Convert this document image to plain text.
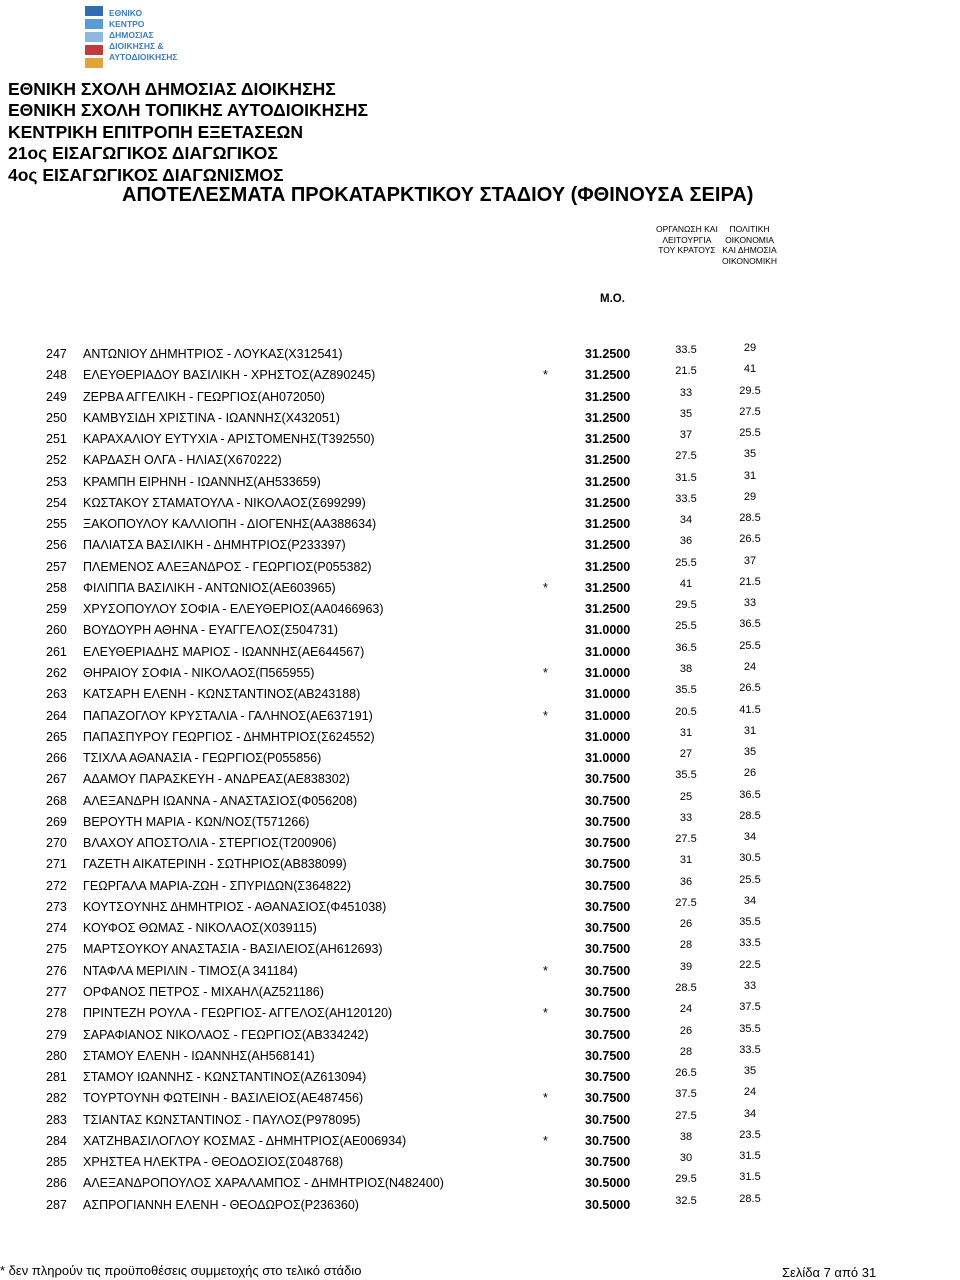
ΕΘΝΙΚΟ
ΚΕΝΤΡΟ
ΔΗΜΟΣΙΑΣ
ΔΙΟΙΚΗΣΗΣ &
ΑΥΤΟΔΙΟΙΚΗΣΗΣ
ΕΘΝΙΚΗ ΣΧΟΛΗ ΔΗΜΟΣΙΑΣ ΔΙΟΙΚΗΣΗΣ
ΕΘΝΙΚΗ ΣΧΟΛΗ ΤΟΠΙΚΗΣ ΑΥΤΟΔΙΟΙΚΗΣΗΣ
ΚΕΝΤΡΙΚΗ ΕΠΙΤΡΟΠΗ ΕΞΕΤΑΣΕΩΝ
21ος ΕΙΣΑΓΩΓΙΚΟΣ ΔΙΑΓΩΓΙΚΟΣ
4ος ΕΙΣΑΓΩΓΙΚΟΣ ΔΙΑΓΩΝΙΣΜΟΣ
ΑΠΟΤΕΛΕΣΜΑΤΑ ΠΡΟΚΑΤΑΡΚΤΙΚΟΥ ΣΤΑΔΙΟΥ (ΦΘΙΝΟΥΣΑ ΣΕΙΡΑ)
ΟΡΓΑΝΩΣΗ ΚΑΙ
ΛΕΙΤΟΥΡΓΙΑ
ΤΟΥ ΚΡΑΤΟΥΣ
ΠΟΛΙΤΙΚΗ
ΟΙΚΟΝΟΜΙΑ
ΚΑΙ ΔΗΜΟΣΙΑ
ΟΙΚΟΝΟΜΙΚΗ
Μ.Ο.
247 ΑΝΤΩΝΙΟΥ ΔΗΜΗΤΡΙΟΣ - ΛΟΥΚΑΣ(Χ312541)	31.2500	33.5	29
248 ΕΛΕΥΘΕΡΙΑΔΟΥ ΒΑΣΙΛΙΚΗ - ΧΡΗΣΤΟΣ(ΑΖ890245)	*	31.2500	21.5	41
249 ΖΕΡΒΑ ΑΓΓΕΛΙΚΗ - ΓΕΩΡΓΙΟΣ(ΑΗ072050)	31.2500	33	29.5
250 ΚΑΜΒΥΣΙΔΗ ΧΡΙΣΤΙΝΑ - ΙΩΑΝΝΗΣ(Χ432051)	31.2500	35	27.5
251 ΚΑΡΑΧΑΛΙΟΥ ΕΥΤΥΧΙΑ - ΑΡΙΣΤΟΜΕΝΗΣ(Τ392550)	31.2500	37	25.5
252 ΚΑΡΔΑΣΗ ΟΛΓΑ - ΗΛΙΑΣ(Χ670222)	31.2500	27.5	35
253 ΚΡΑΜΠΗ ΕΙΡΗΝΗ - ΙΩΑΝΝΗΣ(ΑΗ533659)	31.2500	31.5	31
254 ΚΩΣΤΑΚΟΥ ΣΤΑΜΑΤΟΥΛΑ - ΝΙΚΟΛΑΟΣ(Σ699299)	31.2500	33.5	29
255 ΞΑΚΟΠΟΥΛΟΥ ΚΑΛΛΙΟΠΗ - ΔΙΟΓΕΝΗΣ(ΑΑ388634)	31.2500	34	28.5
256 ΠΑΛΙΑΤΣΑ ΒΑΣΙΛΙΚΗ - ΔΗΜΗΤΡΙΟΣ(Ρ233397)	31.2500	36	26.5
257 ΠΛΕΜΕΝΟΣ ΑΛΕΞΑΝΔΡΟΣ - ΓΕΩΡΓΙΟΣ(Ρ055382)	31.2500	25.5	37
258 ΦΙΛΙΠΠΑ ΒΑΣΙΛΙΚΗ - ΑΝΤΩΝΙΟΣ(ΑΕ603965)	*	31.2500	41	21.5
259 ΧΡΥΣΟΠΟΥΛΟΥ ΣΟΦΙΑ - ΕΛΕΥΘΕΡΙΟΣ(ΑΑ0466963)	31.2500	29.5	33
260 ΒΟΥΔΟΥΡΗ ΑΘΗΝΑ - ΕΥΑΓΓΕΛΟΣ(Σ504731)	31.0000	25.5	36.5
261 ΕΛΕΥΘΕΡΙΑΔΗΣ ΜΑΡΙΟΣ - ΙΩΑΝΝΗΣ(ΑΕ644567)	31.0000	36.5	25.5
262 ΘΗΡΑΙΟΥ ΣΟΦΙΑ - ΝΙΚΟΛΑΟΣ(Π565955)	*	31.0000	38	24
263 ΚΑΤΣΑΡΗ ΕΛΕΝΗ - ΚΩΝΣΤΑΝΤΙΝΟΣ(ΑΒ243188)	31.0000	35.5	26.5
264 ΠΑΠΑΖΟΓΛΟΥ ΚΡΥΣΤΑΛΙΑ - ΓΑΛΗΝΟΣ(ΑΕ637191)	*	31.0000	20.5	41.5
265 ΠΑΠΑΣΠΥΡΟΥ ΓΕΩΡΓΙΟΣ - ΔΗΜΗΤΡΙΟΣ(Σ624552)	31.0000	31	31
266 ΤΣΙΧΛΑ ΑΘΑΝΑΣΙΑ - ΓΕΩΡΓΙΟΣ(Ρ055856)	31.0000	27	35
267 ΑΔΑΜΟΥ ΠΑΡΑΣΚΕΥΗ - ΑΝΔΡΕΑΣ(ΑΕ838302)	30.7500	35.5	26
268 ΑΛΕΞΑΝΔΡΗ ΙΩΑΝΝΑ - ΑΝΑΣΤΑΣΙΟΣ(Φ056208)	30.7500	25	36.5
269 ΒΕΡΟΥΤΗ ΜΑΡΙΑ - ΚΩΝ/ΝΟΣ(Τ571266)	30.7500	33	28.5
270 ΒΛΑΧΟΥ ΑΠΟΣΤΟΛΙΑ - ΣΤΕΡΓΙΟΣ(Τ200906)	30.7500	27.5	34
271 ΓΑΖΕΤΗ ΑΙΚΑΤΕΡΙΝΗ - ΣΩΤΗΡΙΟΣ(ΑΒ838099)	30.7500	31	30.5
272 ΓΕΩΡΓΑΛΑ ΜΑΡΙΑ-ΖΩΗ - ΣΠΥΡΙΔΩΝ(Σ364822)	30.7500	36	25.5
273 ΚΟΥΤΣΟΥΝΗΣ ΔΗΜΗΤΡΙΟΣ - ΑΘΑΝΑΣΙΟΣ(Φ451038)	30.7500	27.5	34
274 ΚΟΥΦΟΣ ΘΩΜΑΣ - ΝΙΚΟΛΑΟΣ(Χ039115)	30.7500	26	35.5
275 ΜΑΡΤΣΟΥΚΟΥ ΑΝΑΣΤΑΣΙΑ - ΒΑΣΙΛΕΙΟΣ(ΑΗ612693)	30.7500	28	33.5
276 ΝΤΑΦΛΑ ΜΕΡΙΛΙΝ - ΤΙΜΟΣ(Α 341184)	*	30.7500	39	22.5
277 ΟΡΦΑΝΟΣ ΠΕΤΡΟΣ - ΜΙΧΑΗΛ(ΑΖ521186)	30.7500	28.5	33
278 ΠΡΙΝΤΕΖΗ ΡΟΥΛΑ - ΓΕΩΡΓΙΟΣ- ΑΓΓΕΛΟΣ(ΑΗ120120)	*	30.7500	24	37.5
279 ΣΑΡΑΦΙΑΝΟΣ ΝΙΚΟΛΑΟΣ - ΓΕΩΡΓΙΟΣ(ΑΒ334242)	30.7500	26	35.5
280 ΣΤΑΜΟΥ ΕΛΕΝΗ - ΙΩΑΝΝΗΣ(ΑΗ568141)	30.7500	28	33.5
281 ΣΤΑΜΟΥ ΙΩΑΝΝΗΣ - ΚΩΝΣΤΑΝΤΙΝΟΣ(ΑΖ613094)	30.7500	26.5	35
282 ΤΟΥΡΤΟΥΝΗ ΦΩΤΕΙΝΗ - ΒΑΣΙΛΕΙΟΣ(ΑΕ487456)	*	30.7500	37.5	24
283 ΤΣΙΑΝΤΑΣ ΚΩΝΣΤΑΝΤΙΝΟΣ - ΠΑΥΛΟΣ(Ρ978095)	30.7500	27.5	34
284 ΧΑΤΖΗΒΑΣΙΛΟΓΛΟΥ ΚΟΣΜΑΣ - ΔΗΜΗΤΡΙΟΣ(ΑΕ006934)	*	30.7500	38	23.5
285 ΧΡΗΣΤΕΑ ΗΛΕΚΤΡΑ - ΘΕΟΔΟΣΙΟΣ(Σ048768)	30.7500	30	31.5
286 ΑΛΕΞΑΝΔΡΟΠΟΥΛΟΣ ΧΑΡΑΛΑΜΠΟΣ - ΔΗΜΗΤΡΙΟΣ(Ν482400)	30.5000	29.5	31.5
287 ΑΣΠΡΟΓΙΑΝΝΗ ΕΛΕΝΗ - ΘΕΟΔΩΡΟΣ(Ρ236360)	30.5000	32.5	28.5
* δεν πληρούν τις προϋποθέσεις συμμετοχής στο τελικό στάδιο	Σελίδα 7 από 31
